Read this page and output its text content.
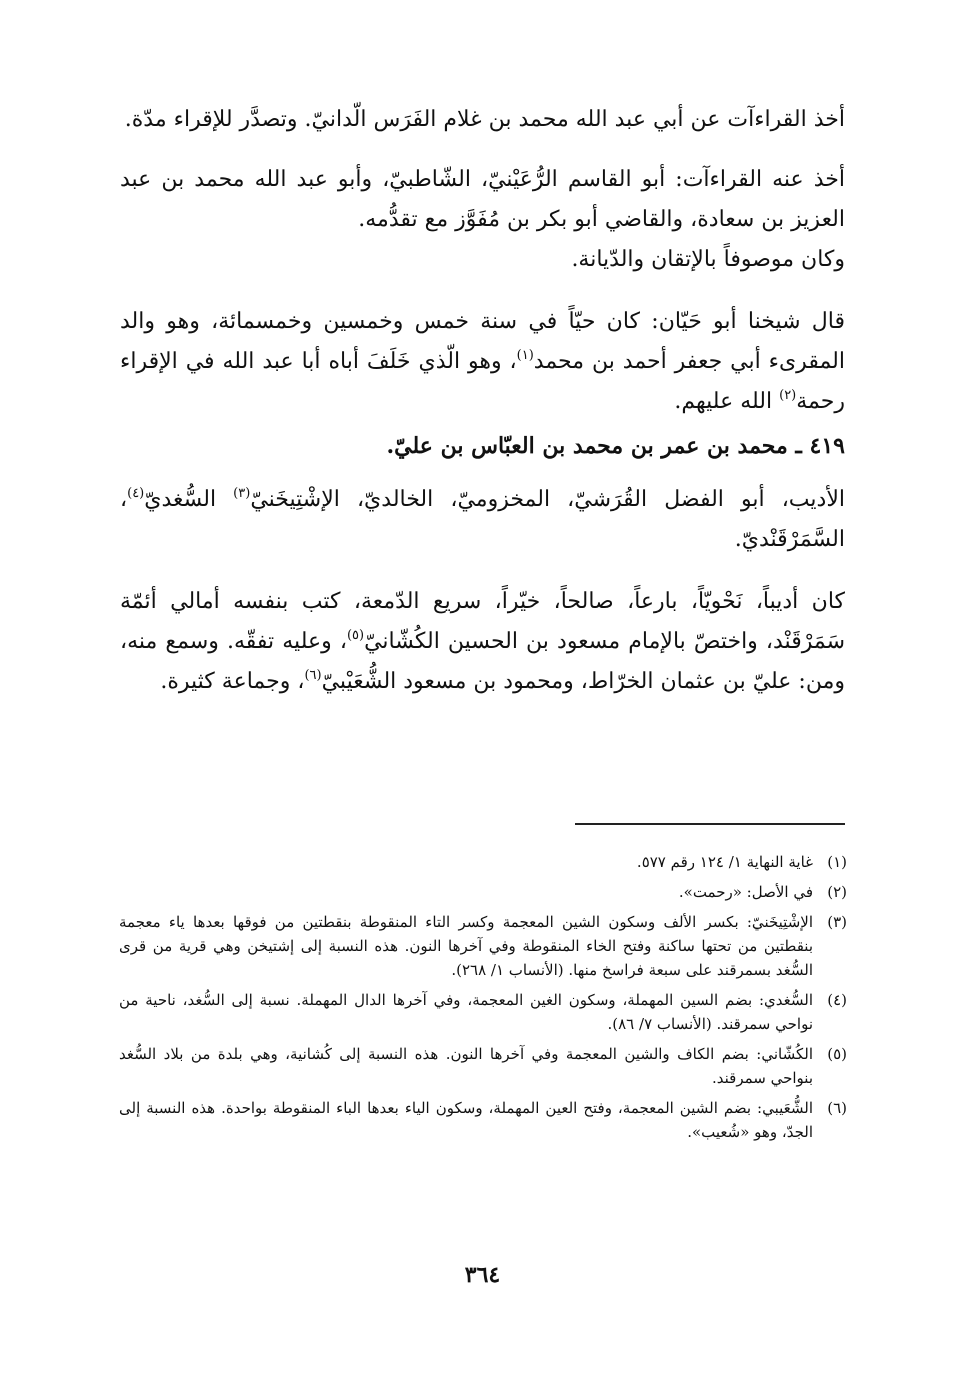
أخذ القراءآت عن أبي عبد الله محمد بن غلام الفَرَس الّدانيّ. وتصدَّر للإقراء مدّة.

أخذ عنه القراءآت: أبو القاسم الرُّعَيْنيّ، الشّاطبيّ، وأبو عبد الله محمد بن عبد العزيز بن سعادة، والقاضي أبو بكر بن مُفَوَّز مع تقدُّمه.

وكان موصوفاً بالإتقان والدّيانة.

قال شيخنا أبو حَيّان: كان حيّاً في سنة خمس وخمسين وخمسمائة، وهو والد المقرىء أبي جعفر أحمد بن محمد$^{(١)}$، وهو الّذي خَلَفَ أباه أبا عبد الله في الإقراء رحمة$^{(٢)}$ الله عليهم.

٤١٩ ـ محمد بن عمر بن محمد بن العبّاس بن عليّ.

الأديب، أبو الفضل القُرَشيّ، المخزوميّ، الخالديّ، الإشْتِيخَنيّ$^{(٣)}$ السُّغديّ$^{(٤)}$، السَّمَرْقَنْديّ.

كان أديباً، نَحْويّاً، بارعاً، صالحاً، خيّراً، سريع الدّمعة، كتب بنفسه أمالي أئمّة سَمَرْقَنْد، واختصّ بالإمام مسعود بن الحسين الكُشّانيّ$^{(٥)}$، وعليه تفقّه. وسمع منه، ومن: عليّ بن عثمان الخرّاط، ومحمود بن مسعود الشُّعَيْبيّ$^{(٦)}$، وجماعة كثيرة.

(١)
غاية النهاية ١/ ١٢٤ رقم ٥٧٧.
(٢)
في الأصل: «رحمت».
(٣)
الإشْتِيخَنيّ: بكسر الألف وسكون الشين المعجمة وكسر التاء المنقوطة بنقطتين من فوقها بعدها ياء معجمة بنقطتين من تحتها ساكنة وفتح الخاء المنقوطة وفي آخرها النون. هذه النسبة إلى إشتيخن وهي قرية من قرى السُّغد بسمرقند على سبعة فراسخ منها. (الأنساب ١/ ٢٦٨).
(٤)
السُّغدي: بضم السين المهملة، وسكون الغين المعجمة، وفي آخرها الدال المهملة. نسبة إلى السُّغد، ناحية من نواحي سمرقند. (الأنساب ٧/ ٨٦).
(٥)
الكُشّاني: بضم الكاف والشين المعجمة وفي آخرها النون. هذه النسبة إلى كُشانية، وهي بلدة من بلاد السُّغد بنواحي سمرقند.
(٦)
الشُّعَيبي: بضم الشين المعجمة، وفتح العين المهملة، وسكون الياء بعدها الباء المنقوطة بواحدة. هذه النسبة إلى الجدّ، وهو «شُعيب».
٣٦٤
